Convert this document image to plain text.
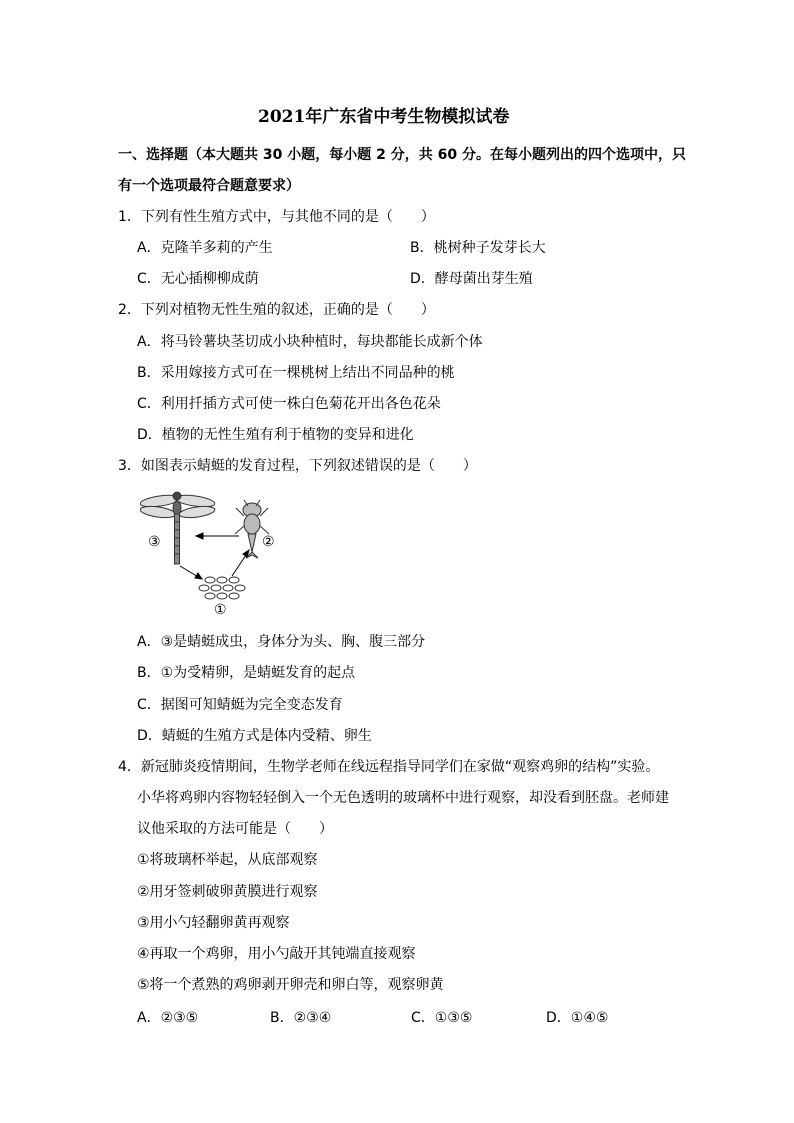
2021年广东省中考生物模拟试卷
一、选择题（本大题共 30 小题，每小题 2 分，共 60 分。在每小题列出的四个选项中，只
有一个选项最符合题意要求）
1．下列有性生殖方式中，与其他不同的是（　　）
A．克隆羊多莉的产生	B．桃树种子发芽长大
C．无心插柳柳成荫	D．酵母菌出芽生殖
2．下列对植物无性生殖的叙述，正确的是（　　）
A．将马铃薯块茎切成小块种植时，每块都能长成新个体
B．采用嫁接方式可在一棵桃树上结出不同品种的桃
C．利用扦插方式可使一株白色菊花开出各色花朵
D．植物的无性生殖有利于植物的变异和进化
3．如图表示蜻蜓的发育过程，下列叙述错误的是（　　）
③	②
①
A．③是蜻蜓成虫，身体分为头、胸、腹三部分
B．①为受精卵，是蜻蜓发育的起点
C．据图可知蜻蜓为完全变态发育
D．蜻蜓的生殖方式是体内受精、卵生
4．新冠肺炎疫情期间，生物学老师在线远程指导同学们在家做“观察鸡卵的结构”实验。
小华将鸡卵内容物轻轻倒入一个无色透明的玻璃杯中进行观察，却没看到胚盘。老师建
议他采取的方法可能是（　　）
①将玻璃杯举起，从底部观察
②用牙签刺破卵黄膜进行观察
③用小勺轻翻卵黄再观察
④再取一个鸡卵，用小勺敲开其钝端直接观察
⑤将一个煮熟的鸡卵剥开卵壳和卵白等，观察卵黄
A．②③⑤	B．②③④	C．①③⑤	D．①④⑤
